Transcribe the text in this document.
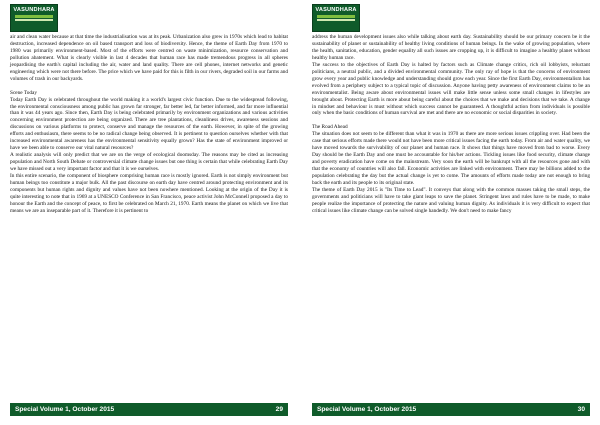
VASUNDHARA

air and clean water because at that time the industrialisation was at its peak. Urbanization also grew in 1970s which lead to habitat destruction, increased dependence on oil based transport and loss of biodiversity. Hence, the theme of Earth Day from 1970 to 1980 was primarily environment-based. Most of the efforts were centred on waste minimization, resource conservation and pollution abatement. What is clearly visible in last 4 decades that human race has made tremendous progress in all spheres jeopardising the earth's capital including the air, water and land quality. There are cell phones, internet networks and genetic engineering which were not there before. The price which we have paid for this is filth in our rivers, degraded soil in our farms and volumes of trash in our backyards.

Scene Today

Today Earth Day is celebrated throughout the world making it a world's largest civic function. Due to the widespread following, the environmental consciousness among public has grown far stronger, far better led, far better informed, and far more influential than it was 44 years ago. Since then, Earth Day is being celebrated primarily by environment organizations and various activities concerning environment protection are being organized. There are tree plantations, cleanliness drives, awareness sessions and discussions on various platforms to protect, conserve and manage the resources of the earth. However, in spite of the growing efforts and enthusiasm, there seems to be no radical change being observed. It is pertinent to question ourselves whether with that increased environmental awareness has the environmental sensitivity equally grown? Has the state of environment improved or have we been able to conserve our vital natural resources?

A realistic analysis will only predict that we are on the verge of ecological doomsday. The reasons may be cited as increasing population and North South Debate or controversial climate change issues but one thing is certain that while celebrating Earth Day we have missed out a very important factor and that it is we ourselves.

In this entire scenario, the component of biosphere comprising human race is mostly ignored. Earth is not simply environment but human beings too constitute a major bulk. All the past discourse on earth day have centred around protecting environment and its components but human rights and dignity and values have not been nowhere mentioned. Looking at the origin of the Day it is quite interesting to note that in 1969 at a UNESCO Conference in San Francisco, peace activist John McConnell proposed a day to honour the Earth and the concept of peace, to first be celebrated on March 21, 1970. Earth means the planet on which we live that means we are an inseparable part of it. Therefore it is pertinent to

Special Volume 1, October 2015	29
VASUNDHARA

address the human development issues also while talking about earth day. Sustainability should be our primary concern be it the sustainability of planet or sustainability of healthy living conditions of human beings. In the wake of growing population, where the health, sanitation, education, gender equality all such issues are cropping up, it is difficult to imagine a healthy planet without healthy human race.

The success to the objectives of Earth Day is halted by factors such as Climate change critics, rich oil lobbyists, reluctant politicians, a neutral public, and a divided environmental community. The only ray of hope is that the concerns of environment grow every year and public knowledge and understanding should grow each year. Since the first Earth Day, environmentalism has evolved from a periphery subject to a typical topic of discussion. Anyone having petty awareness of environment claims to be an environmentalist. Being aware about environmental issues will make little sense unless some small changes in lifestyles are brought about. Protecting Earth is more about being careful about the choices that we make and decisions that we take. A change in mindset and behaviour is must without which success cannot be guaranteed. A thoughtful action from individuals is possible only when the basic conditions of human survival are met and there are no economic or social disparities in society.

The Road Ahead

The situation does not seem to be different than what it was in 1970 as there are more serious issues crippling over. Had been the case that serious efforts made there would not have been more critical issues facing the earth today. From air and water quality, we have moved towards the survivability of our planet and human race. It shows that things have moved from bad to worse. Every Day should be the Earth Day and one must be accountable for his/her actions. Tickling issues like food security, climate change and poverty eradication have come on the mainstream. Very soon the earth will be bankrupt with all the resources gone and with that the economy of countries will also fall. Economic activities are linked with environment. There may be billions added to the population celebrating the day but the actual change is yet to come. The amounts of efforts made today are not enough to bring back the earth and its people to its original state.

The theme of Earth Day 2015 is "Its Time to Lead". It conveys that along with the common masses taking the small steps, the governments and politicians will have to take giant leaps to save the planet. Stringent laws and rules have to be made, to make people realize the importance of protecting the nature and valuing human dignity. As individuals it is very difficult to expect that critical issues like climate change can be solved single handedly. We don't need to make fancy

Special Volume 1, October 2015	30
